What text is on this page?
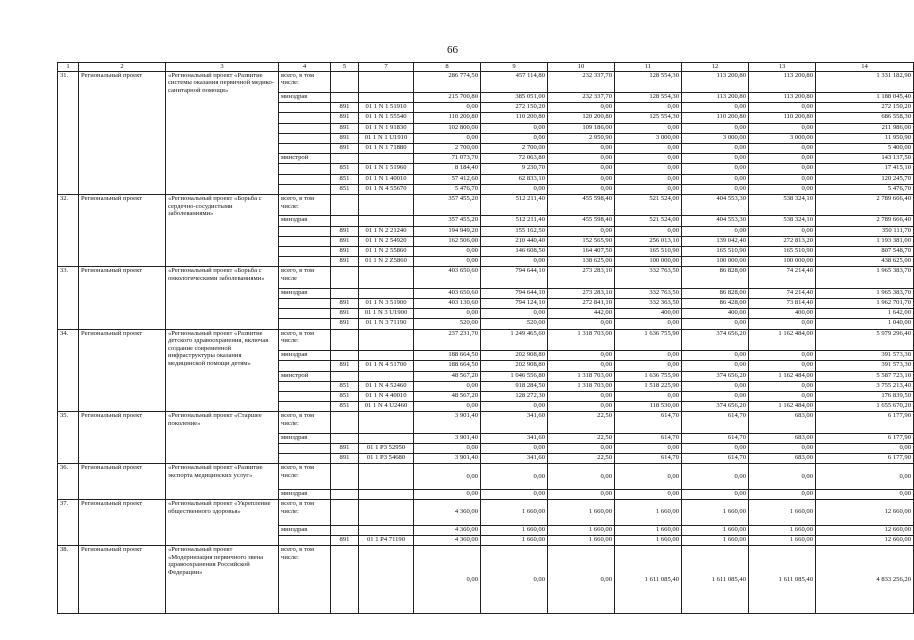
66
1	2	3	4	5	7	8	9	10	11	12	13	14
31.	Региональный проект	«Региональный проект «Развитие системы оказания первичной медико-санитарной помощи»	всего, в том числе:			286 774,50	457 114,80	232 337,70	128 554,30	113 200,80	113 200,80	1 331 182,90
			минздрав			215 700,80	385 051,00	232 337,70	128 554,30	113 200,80	113 200,80	1 188 045,40
				891	01 1 N 1 51910	0,00	272 150,20	0,00	0,00	0,00	0,00	272 150,20
				891	01 1 N 1 55540	110 200,80	110 200,80	120 200,80	125 554,30	110 200,80	110 200,80	686 558,30
				891	01 1 N 1 91830	102 800,00	0,00	109 186,00	0,00	0,00	0,00	211 986,00
				891	01 1 N 1 U1910	0,00	0,00	2 950,90	3 000,00	3 000,00	3 000,00	11 950,90
				891	01 1 N 1 71880	2 700,00	2 700,00	0,00	0,00	0,00	0,00	5 400,00
			минстрой			71 073,70	72 063,80	0,00	0,00	0,00	0,00	143 137,50
				851	01 1 N 1 51960	8 184,40	9 230,70	0,00	0,00	0,00	0,00	17 415,10
				851	01 1 N 1 40010	57 412,60	62 833,10	0,00	0,00	0,00	0,00	120 245,70
				851	01 1 N 4 55670	5 476,70	0,00	0,00	0,00	0,00	0,00	5 476,70
32.	Региональный проект	«Региональный проект «Борьба с сердечно-сосудистыми заболеваниями»	всего, в том числе:			357 455,20	512 211,40	455 598,40	521 524,00	404 553,30	538 324,10	2 789 666,40
			минздрав			357 455,20	512 211,40	455 598,40	521 524,00	404 553,30	538 324,10	2 789 666,40
				891	01 1 N 2 21240	194 949,20	155 162,50	0,00	0,00	0,00	0,00	350 111,70
				891	01 1 N 2 54920	162 506,00	210 440,40	152 565,90	256 013,10	139 042,40	272 813,20	1 193 381,00
				891	01 1 N 2 55860	0,00	146 608,50	164 407,50	165 510,90	165 510,90	165 510,90	807 548,70
				891	01 1 N 2 Z5860	0,00	0,00	138 625,00	100 000,00	100 000,00	100 000,00	438 625,00
33.	Региональный проект	«Региональный проект «Борьба с онкологическими заболеваниями»	всего, в том числе			403 650,60	794 644,10	273 283,10	332 763,50	86 828,00	74 214,40	1 965 383,70
			минздрав			403 650,60	794 644,10	273 283,10	332 763,50	86 828,00	74 214,40	1 965 383,70
				891	01 1 N 3 51900	403 130,60	794 124,10	272 841,10	332 363,50	86 428,00	73 814,40	1 962 701,70
				891	01 1 N 3 U1900	0,00	0,00	442,00	400,00	400,00	400,00	1 642,00
				891	01 1 N 3 71190	520,00	520,00	0,00	0,00	0,00	0,00	1 040,00
34.	Региональный проект	«Региональный проект «Развитие детского здравоохранения, включая создание современной инфраструктуры оказания медицинской помощи детям»	всего, в том числе:			237 231,70	1 249 465,60	1 318 703,00	1 636 755,90	374 656,20	1 162 484,00	5 979 296,40
			минздрав			188 664,50	202 908,80	0,00	0,00	0,00	0,00	391 573,30
				891	01 1 N 4 51700	188 664,50	202 908,80	0,00	0,00	0,00	0,00	391 573,30
			минстрой			48 567,20	1 046 556,80	1 318 703,00	1 636 755,90	374 656,20	1 162 484,00	5 587 723,10
				851	01 1 N 4 52460	0,00	918 284,50	1 318 703,00	1 518 225,90	0,00	0,00	3 755 213,40
				851	01 1 N 4 40010	48 567,20	128 272,30	0,00	0,00	0,00	0,00	176 839,50
				851	01 1 N 4 U2460	0,00	0,00	0,00	118 530,00	374 656,20	1 162 484,00	1 655 670,20
35.	Региональный проект	«Региональный проект «Старшее поколение»	всего, в том числе:			3 901,40	341,60	22,50	614,70	614,70	683,00	6 177,90
			минздрав			3 901,40	341,60	22,50	614,70	614,70	683,00	6 177,90
				891	01 1 P3 52950	0,00	0,00	0,00	0,00	0,00	0,00	0,00
				891	01 1 P3 54680	3 901,40	341,60	22,50	614,70	614,70	683,00	6 177,90
36.	Региональный проект	«Региональный проект «Развитие экспорта медицинских услуг»	всего, в том числе:			0,00	0,00	0,00	0,00	0,00	0,00	0,00
			минздрав			0,00	0,00	0,00	0,00	0,00	0,00	0,00
37.	Региональный проект	«Региональный проект «Укрепление общественного здоровья»	всего, в том числе:			4 360,00	1 660,00	1 660,00	1 660,00	1 660,00	1 660,00	12 660,00
			минздрав			4 360,00	1 660,00	1 660,00	1 660,00	1 660,00	1 660,00	12 660,00
				891	01 1 P4 71190	4 360,00	1 660,00	1 660,00	1 660,00	1 660,00	1 660,00	12 660,00
38.	Региональный проект	«Региональный проект «Модернизация первичного звена здравоохранения Российской Федерации»	всего, в том числе:			0,00	0,00	0,00	1 611 085,40	1 611 085,40	1 611 085,40	4 833 256,20
